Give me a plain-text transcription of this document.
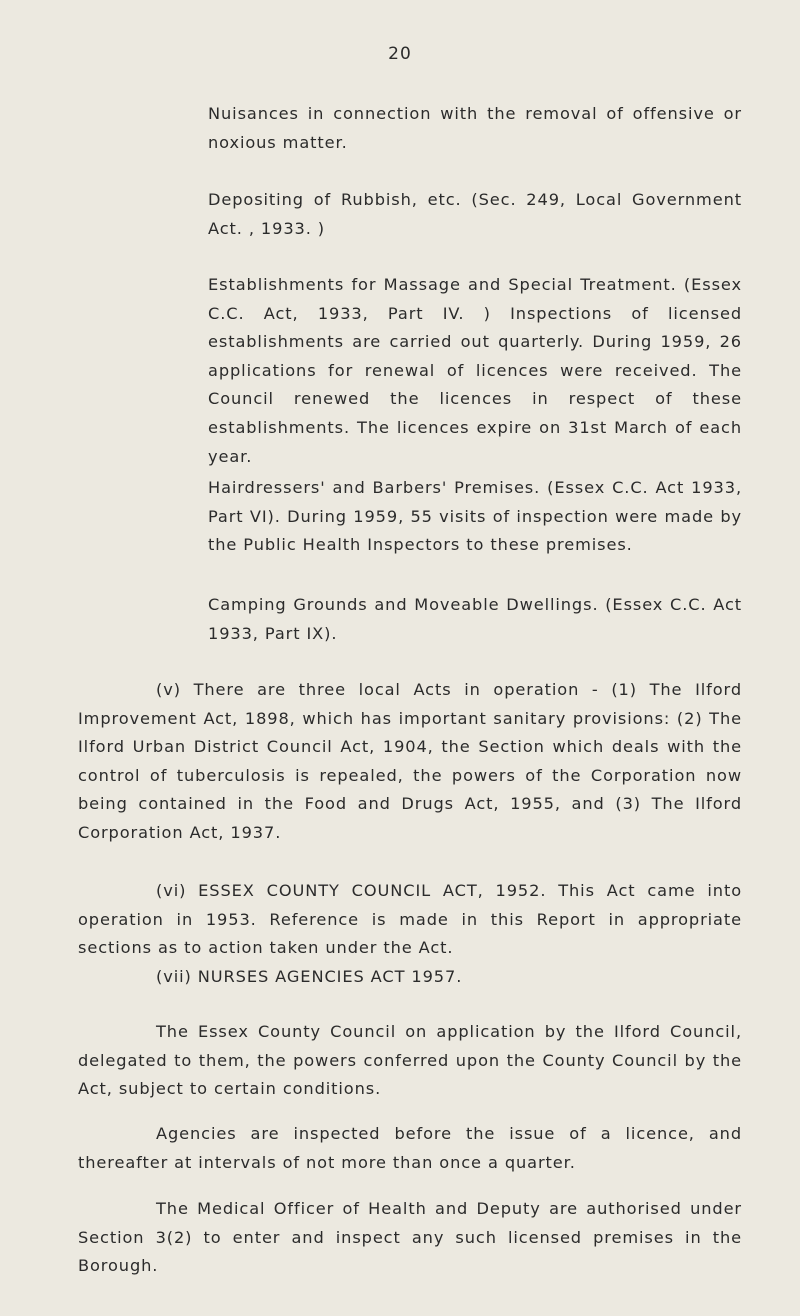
20

Nuisances in connection with the removal of offensive or noxious matter.

Depositing of Rubbish, etc. (Sec. 249, Local Government Act. , 1933. )

Establishments for Massage and Special Treatment. (Essex C.C. Act, 1933, Part IV. ) Inspections of licensed establishments are carried out quarterly. During 1959, 26 applications for renewal of licences were received. The Council renewed the licences in respect of these establishments. The licences expire on 31st March of each year.

Hairdressers' and Barbers' Premises. (Essex C.C. Act 1933, Part VI). During 1959, 55 visits of inspection were made by the Public Health Inspectors to these premises.

Camping Grounds and Moveable Dwellings. (Essex C.C. Act 1933, Part IX).

(v) There are three local Acts in operation - (1) The Ilford Improvement Act, 1898, which has important sanitary provisions: (2) The Ilford Urban District Council Act, 1904, the Section which deals with the control of tuberculosis is repealed, the powers of the Corporation now being contained in the Food and Drugs Act, 1955, and (3) The Ilford Corporation Act, 1937.

(vi) ESSEX COUNTY COUNCIL ACT, 1952. This Act came into operation in 1953. Reference is made in this Report in appropriate sections as to action taken under the Act.

(vii) NURSES AGENCIES ACT 1957.

The Essex County Council on application by the Ilford Council, delegated to them, the powers conferred upon the County Council by the Act, subject to certain conditions.

Agencies are inspected before the issue of a licence, and thereafter at intervals of not more than once a quarter.

The Medical Officer of Health and Deputy are authorised under Section 3(2) to enter and inspect any such licensed premises in the Borough.
